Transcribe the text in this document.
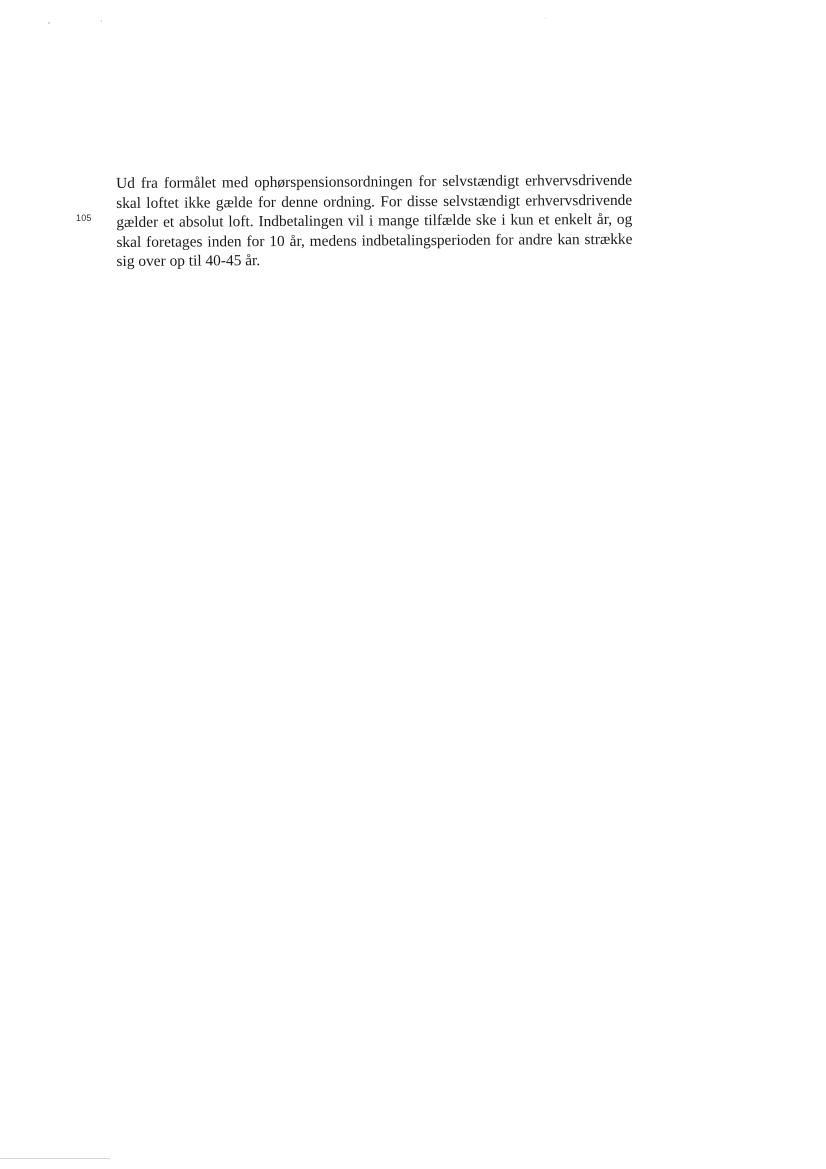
105
Ud fra formålet med ophørspensionsordningen for selvstændigt erhvervsdrivende skal loftet ikke gælde for denne ordning. For disse selvstændigt erhvervsdrivende gælder et absolut loft. Indbetalingen vil i mange tilfælde ske i kun et enkelt år, og skal foretages inden for 10 år, medens indbetalingsperioden for andre kan strække sig over op til 40-45 år.
